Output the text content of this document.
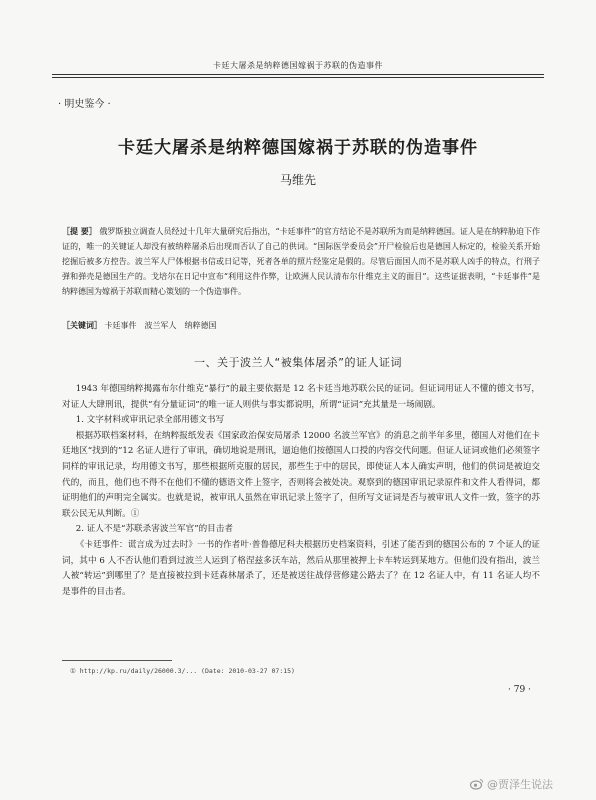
卡廷大屠杀是纳粹德国嫁祸于苏联的伪造事件
· 明史鉴今 ·
卡廷大屠杀是纳粹德国嫁祸于苏联的伪造事件
马维先

［提 要］ 俄罗斯独立调查人员经过十几年大量研究后指出，“卡廷事件”的官方结论不是苏联所为而是纳粹德国。证人是在纳粹胁迫下作证的，唯一的关键证人却没有被纳粹屠杀后出现而否认了自己的供词。“国际医学委员会”开尸检验后也是德国人标定的，检验关系开始挖掘后被多方控告。波兰军人尸体根据书信或日记等，死者各单的照片经鉴定是假的。尽管后面国人而不是苏联人凶手的特点，行刑子弹和弹壳是德国生产的。戈培尔在日记中宣布“利用这件作弊，让欧洲人民认清布尔什维克主义的面目”。这些证据表明，“卡廷事件”是纳粹德国为嫁祸于苏联而精心策划的一个伪造事件。

［关键词］ 卡廷事件　波兰军人　纳粹德国

一、关于波兰人“被集体屠杀”的证人证词

1943 年德国纳粹揭露布尔什维克“暴行”的最主要依据是 12 名卡廷当地苏联公民的证词。但证词用证人不懂的德文书写，对证人大肆刑讯，提供“有分量证词”的唯一证人则供与事实都说明，所谓“证词”充其量是一场闹剧。

1. 文字材料或审讯记录全部用德文书写

根据苏联档案材料，在纳粹报纸发表《国家政治保安局屠杀 12000 名波兰军官》的消息之前半年多里，德国人对他们在卡廷地区“找到的”12 名证人进行了审讯，确切地说是刑讯，逼迫他们按德国人口授的内容交代问题。但证人证词或他们必须签字同样的审讯记录，均用德文书写，那些根据所克服的居民，那些生于中的居民，即使证人本人确实声明，他们的供词是被迫交代的，而且，他们也不得不在他们不懂的德语文件上签字，否则将会被处决。观察到的德国审讯记录原件和文件人看得词，都证明他们的声明完全属实。也就是说，被审讯人虽然在审讯记录上签字了，但所写文证词是否与被审讯人文件一致，签字的苏联公民无从判断。①

2. 证人不是“苏联杀害波兰军官”的目击者

《卡廷事件：谎言成为过去时》一书的作者叶·普鲁德尼科夫根据历史档案资料，引述了能否到的德国公布的 7 个证人的证词，其中 6 人不否认他们看到过波兰人运到了格涅兹多沃车站，然后从那里被押上卡车转运到某地方。但他们没有指出，波兰人被“转运”到哪里了？是直接被拉到卡廷森林屠杀了，还是被送往战俘营修建公路去了？在 12 名证人中，有 11 名证人均不是事件的目击者。

① http://kp.ru/daily/26000.3/... (Date: 2010-03-27 07:15)

· 79 ·
@贾泽生说法
